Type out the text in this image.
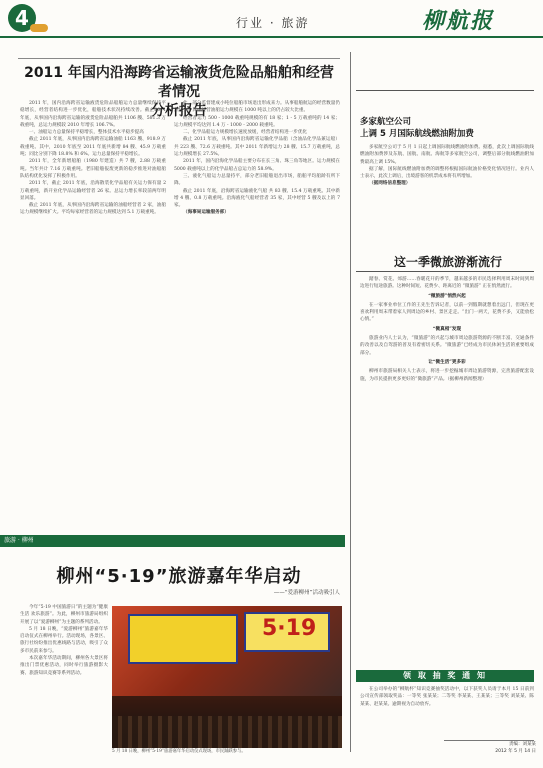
4	行业 · 旅游	柳航报
2011 年国内沿海跨省运输液货危险品船舶和经营者情况
分析报告

2011 年，国内沿海跨省运输液货危险品船舶运力总量继续保持平稳增长，经营者结构进一步优化，船舶技术状况持续改善。截止2011 年底，从事国内沿海跨省运输的液货危险品船舶共 1106 艘、581.3 万载重吨，总运力规模较 2010 年增长 106.7%。

一、油船运力总量保持平稳增长，整体技术水平稳步提高

截止 2011 年底，从事国内沿海跨省运输油船 1163 艘、918.9 万载重吨。其中，2010 年底至 2011 年底共新增 84 艘、45.9 万载重吨；同比分别下降 18.8% 和 6%。运力总量保持平稳增长。

2011 年，全年新增船舶（1980 年建造）共 7 艘，2.88 万载重吨。当年共计 7.16 万载重吨。老旧船舶报废更新的稳步推进对油船船队结构优化发挥了积极作用。

2011 年，截止 2011 年底，沿海散装化学品船有关运力保有量 2 万载重吨，新开业化学品运输经营者 26 家。总运力增长率较前两年明显回落。

截止 2011 年底，从事国内沿海跨省运输的油船经营者 2 家，油船运力规模继续扩大。平均每家经营者的运力规模达到 5.1 万载重吨。

此，部分监督建成小吨位船舶市场退出形成来力。从事船舶航运的经营数量仍然较大，其中经营油船运力规模在 1000 吨以上的仍占较大比重。

经营者运力 500 - 1000 载重吨规模的有 18 家；1 - 5 万载重吨的 14 家；运力规模平均达到 1.4 万 - 1000 - 2000 载重吨。

二、化学品船运力规模增长速度放缓，经营者结构进一步优化

截止 2011 年底，从事国内沿海跨省运输化学品船（含油品化学品兼运船）共 223 艘、72.6 万载重吨。其中 2011 年新增运力 28 艘、15.7 万载重吨，总运力规模增长 27.5%。

2011 年，国内沿海化学品船主要分布在长三角、珠三角等地区。运力规模在 5000 载重吨以上的化学品船占总运力的 58.9%。

三、液化气船运力总量持平，部分老旧船舶退出市场，船舶平均船龄有所下降。

截止 2011 年底，沿海跨省运输液化气船 共 83 艘、15.4 万载重吨。其中新增 4 艘、0.8 万载重吨。沿海液化气船经营者 35 家，其中经营 5 艘及以上的 7 家。

（海事局运输服务部）

多家航空公司
上调 5 月国际航线燃油附加费

多家航空公司于 5 月 1 日起上调国际航线燃油附加费。据悉，此次上调国际航线燃油附加费涉及东航、国航、南航、海航等多家航空公司，调整后部分航线燃油附加费最高上调 15%。

据了解，国际航线燃油附加费的调整将根据国际航油价格变化情况进行。业内人士表示，此次上调后，出境游客的机票成本将有所增加。

（据网络信息整理）

这一季微旅游渐流行

踏春、赏花、郊游……春暖花开的季节，越来越多的市民选择利用周末时间到周边进行短途旅游。这种时间短、花费少、距离近的 “微旅游” 正在悄然流行。

“微旅游”悄然兴起

在一家事业单位工作的王先生告诉记者，以前一到假期就想着出远门，但现在更喜欢利用周末带着家人到周边的乡村、景区走走。“出门一两天，花费不多，又能放松心情。”

“微真相”发现

旅游业内人士认为，“微旅游”的兴起与城市周边旅游资源的不断丰富、交通条件的改善以及自驾游的普及有着密切关系。“微旅游”已经成为市民休闲生活的重要组成部分。

让“微生活”更多彩

柳州市旅游局相关人士表示，将进一步挖掘城市周边旅游资源，完善旅游配套设施，为市民提供更多更好的“微旅游”产品。（据柳州新闻整理）

领 取 抽 奖 通 知

在公司举办的“柳航杯”知识竞赛抽奖活动中，以下获奖人员请于本月 15 日前到公司宣传部领取奖品：一等奖 张某某；二等奖 李某某、王某某；三等奖 刘某某、陈某某、赵某某。逾期视为自动放弃。

责编：刘某某
2012 年 5 月 14 日
旅游 · 柳州
柳州“5·19”旅游嘉年华启动
——“爱游柳州”活动吸引人

今年“5·19 中国旅游日”的主题为“健康生活 欢乐旅游”。为此，柳州市旅游局组织开展了以“爱游柳州”为主题的系列活动。

5 月 18 日晚，“爱游柳州”旅游嘉年华启动仪式在柳州举行。活动现场，各景区、旅行社纷纷推出优惠线路与活动，吸引了众多市民前来参与。

本次嘉年华活动期间，柳州各大景区将推出门票优惠活动，同时举行旅游摄影大赛、旅游知识竞赛等系列活动。

5·19
5 月 18 日晚，柳州“5·19”旅游嘉年华启动仪式现场，市民踊跃参与。
